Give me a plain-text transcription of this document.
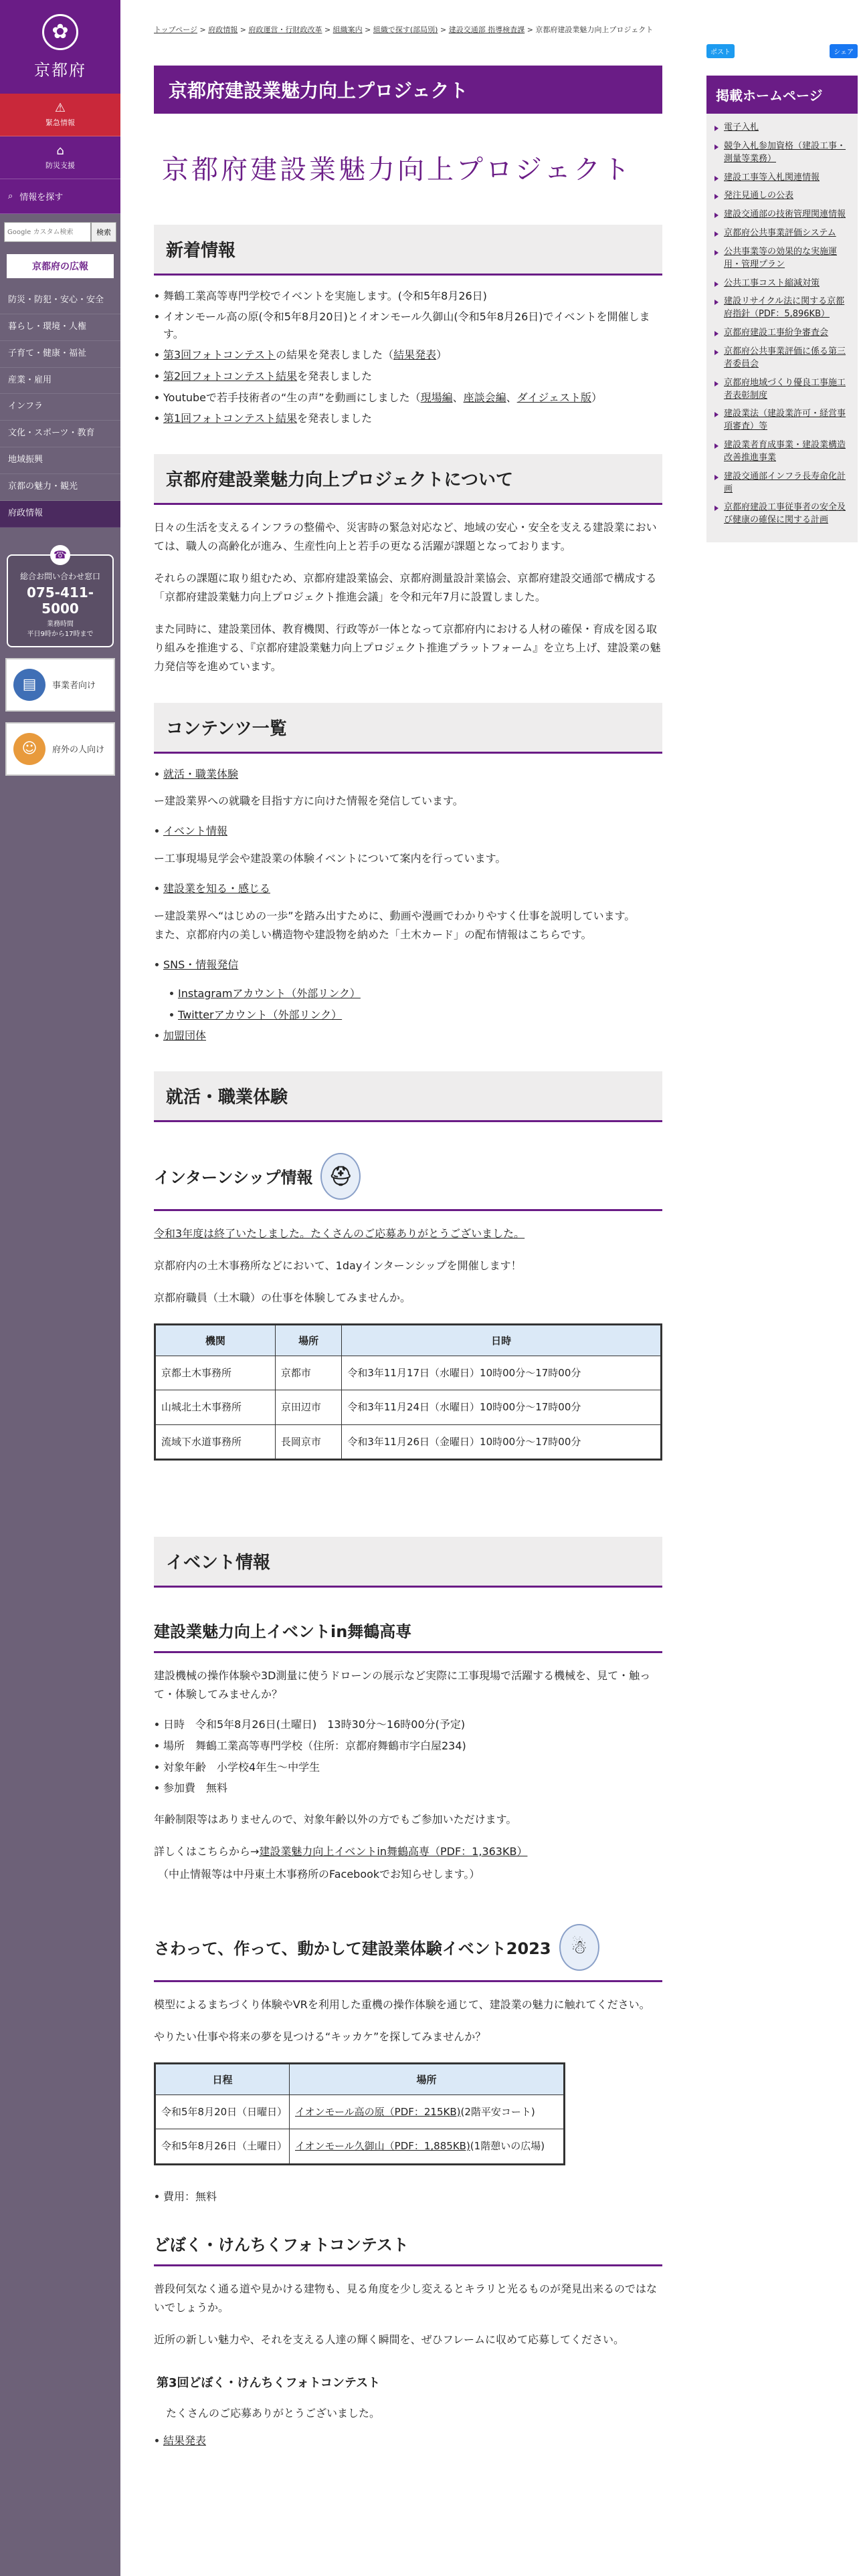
✿
京都府
⚠
緊急情報
⌂
防災支援
⌕ 情報を探す
Google カスタム検索
検索
京都府の広報
防災・防犯・安心・安全
暮らし・環境・人権
子育て・健康・福祉
産業・雇用
インフラ
文化・スポーツ・教育
地域振興
京都の魅力・観光
府政情報
☎
総合お問い合わせ窓口
075-411-5000
業務時間
平日9時から17時まで
▤	事業者向け
☺	府外の人向け
トップページ > 府政情報 > 府政運営・行財政改革 > 組織案内 > 組織で探す(部局別) > 建設交通部 指導検査課 > 京都府建設業魅力向上プロジェクト
京都府建設業魅力向上プロジェクト
京都府建設業魅力向上プロジェクト
新着情報
舞鶴工業高等専門学校でイベントを実施します。(令和5年8月26日)
イオンモール高の原(令和5年8月20日)とイオンモール久御山(令和5年8月26日)でイベントを開催します。
第3回フォトコンテストの結果を発表しました（結果発表）
第2回フォトコンテスト結果を発表しました
Youtubeで若手技術者の“生の声”を動画にしました（現場編、座談会編、ダイジェスト版）
第1回フォトコンテスト結果を発表しました
京都府建設業魅力向上プロジェクトについて

日々の生活を支えるインフラの整備や、災害時の緊急対応など、地域の安心・安全を支える建設業においては、職人の高齢化が進み、生産性向上と若手の更なる活躍が課題となっております。

それらの課題に取り組むため、京都府建設業協会、京都府測量設計業協会、京都府建設交通部で構成する「京都府建設業魅力向上プロジェクト推進会議」を令和元年7月に設置しました。

また同時に、建設業団体、教育機関、行政等が一体となって京都府内における人材の確保・育成を図る取り組みを推進する、『京都府建設業魅力向上プロジェクト推進プラットフォーム』を立ち上げ、建設業の魅力発信等を進めています。

コンテンツ一覧
就活・職業体験
ー建設業界への就職を目指す方に向けた情報を発信しています。
イベント情報
ー工事現場見学会や建設業の体験イベントについて案内を行っています。
建設業を知る・感じる
ー建設業界へ“はじめの一歩”を踏み出すために、動画や漫画でわかりやすく仕事を説明しています。
また、京都府内の美しい構造物や建設物を納めた「土木カード」の配布情報はこちらです。
SNS・情報発信
Instagramアカウント（外部リンク）
Twitterアカウント（外部リンク）
加盟団体
就活・職業体験
インターンシップ情報 ⛑

令和3年度は終了いたしました。たくさんのご応募ありがとうございました。

京都府内の土木事務所などにおいて、1dayインターンシップを開催します！

京都府職員（土木職）の仕事を体験してみませんか。

機関	場所	日時
京都土木事務所	京都市	令和3年11月17日（水曜日）10時00分～17時00分
山城北土木事務所	京田辺市	令和3年11月24日（水曜日）10時00分～17時00分
流域下水道事務所	長岡京市	令和3年11月26日（金曜日）10時00分～17時00分
イベント情報
建設業魅力向上イベントin舞鶴高専

建設機械の操作体験や3D測量に使うドローンの展示など実際に工事現場で活躍する機械を、見て・触って・体験してみませんか？

日時　令和5年8月26日(土曜日)　13時30分～16時00分(予定)
場所　舞鶴工業高等専門学校（住所：京都府舞鶴市字白屋234)
対象年齢　小学校4年生～中学生
参加費　無料

年齢制限等はありませんので、対象年齢以外の方でもご参加いただけます。

詳しくはこちらから→建設業魅力向上イベントin舞鶴高専（PDF：1,363KB）

（中止情報等は中丹東土木事務所のFacebookでお知らせします。）

さわって、作って、動かして建設業体験イベント2023	☃

模型によるまちづくり体験やVRを利用した重機の操作体験を通じて、建設業の魅力に触れてください。

やりたい仕事や将来の夢を見つける“キッカケ”を探してみませんか？

日程	場所
令和5年8月20日（日曜日）	イオンモール高の原（PDF：215KB)(2階平安コート)
令和5年8月26日（土曜日）	イオンモール久御山（PDF：1,885KB)(1階憩いの広場)
費用：無料
どぼく・けんちくフォトコンテスト

普段何気なく通る道や見かける建物も、見る角度を少し変えるとキラリと光るものが発見出来るのではないでしょうか。

近所の新しい魅力や、それを支える人達の輝く瞬間を、ぜひフレームに収めて応募してください。

第3回どぼく・けんちくフォトコンテスト

たくさんのご応募ありがとうございました。

結果発表
ポスト	シェア
掲載ホームページ
電子入札
競争入札参加資格（建設工事・測量等業務）
建設工事等入札関連情報
発注見通しの公表
建設交通部の技術管理関連情報
京都府公共事業評価システム
公共事業等の効果的な実施運用・管理プラン
公共工事コスト縮減対策
建設リサイクル法に関する京都府指針（PDF：5,896KB）
京都府建設工事紛争審査会
京都府公共事業評価に係る第三者委員会
京都府地域づくり優良工事施工者表彰制度
建設業法（建設業許可・経営事項審査）等
建設業者育成事業・建設業構造改善推進事業
建設交通部インフラ長寿命化計画
京都府建設工事従事者の安全及び健康の確保に関する計画
